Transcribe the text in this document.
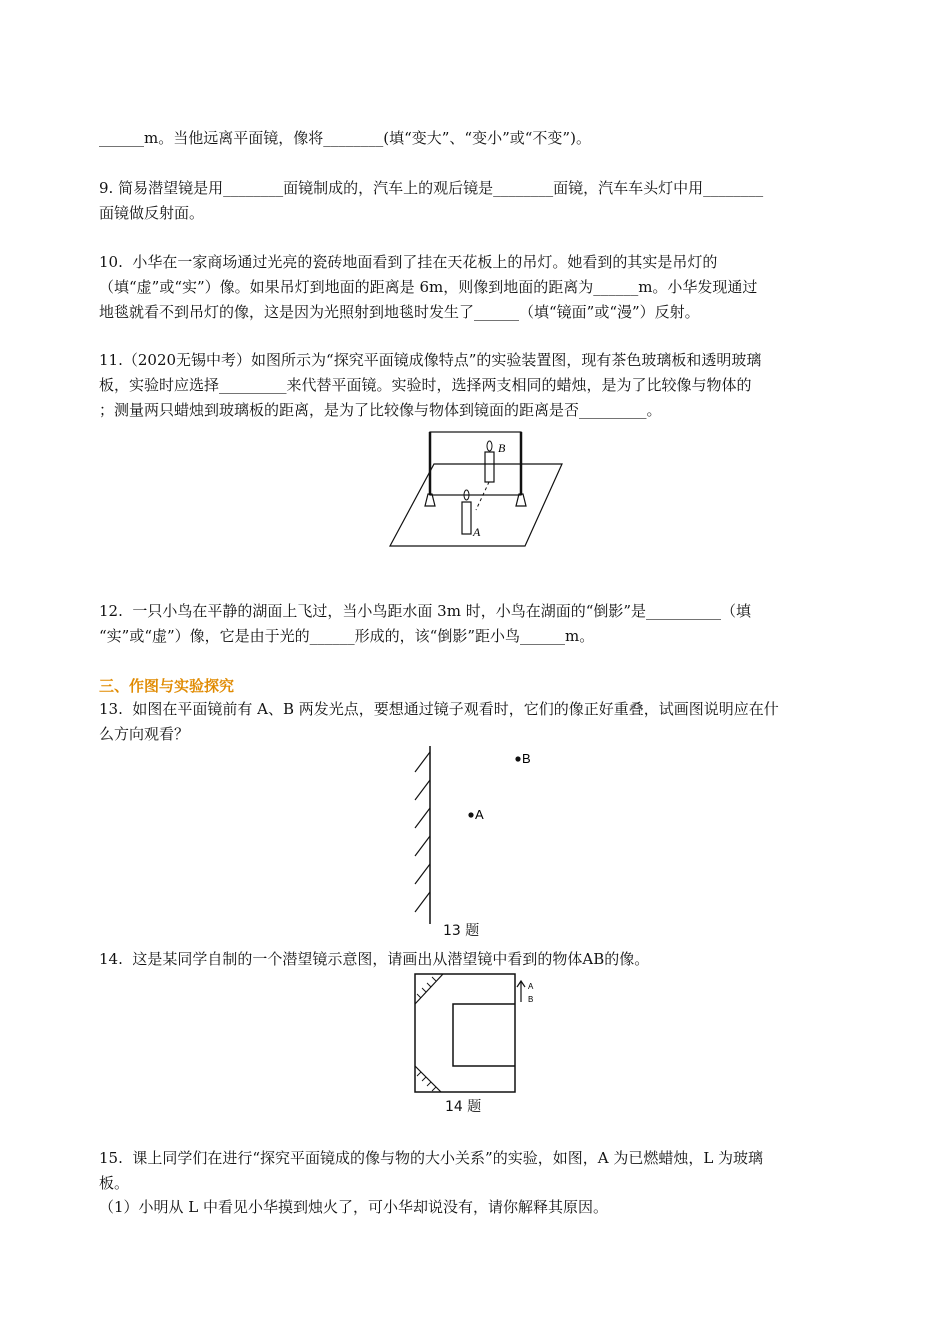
______m。当他远离平面镜，像将________(填“变大”、“变小”或“不变”)。
9. 简易潜望镜是用________面镜制成的，汽车上的观后镜是________面镜，汽车车头灯中用________
面镜做反射面。
10.  小华在一家商场通过光亮的瓷砖地面看到了挂在天花板上的吊灯。她看到的其实是吊灯的
（填“虚”或“实”）像。如果吊灯到地面的距离是 6m，则像到地面的距离为______m。小华发现通过
地毯就看不到吊灯的像，这是因为光照射到地毯时发生了______（填“镜面”或“漫”）反射。
11.（2020无锡中考）如图所示为“探究平面镜成像特点”的实验装置图，现有茶色玻璃板和透明玻璃
板，实验时应选择_________来代替平面镜。实验时，选择两支相同的蜡烛，是为了比较像与物体的
；测量两只蜡烛到玻璃板的距离，是为了比较像与物体到镜面的距离是否_________。
B
A
12.  一只小鸟在平静的湖面上飞过，当小鸟距水面 3m 时，小鸟在湖面的“倒影”是__________（填
“实”或“虚”）像，它是由于光的______形成的，该“倒影”距小鸟______m。
三、作图与实验探究
13.  如图在平面镜前有 A、B 两发光点，要想通过镜子观看时，它们的像正好重叠，试画图说明应在什
么方向观看？
B
A
13 题
14.  这是某同学自制的一个潜望镜示意图，请画出从潜望镜中看到的物体AB的像。
A
B
14 题
15.  课上同学们在进行“探究平面镜成的像与物的大小关系”的实验，如图，A 为已燃蜡烛，L 为玻璃
板。
（1）小明从 L 中看见小华摸到烛火了，可小华却说没有，请你解释其原因。
